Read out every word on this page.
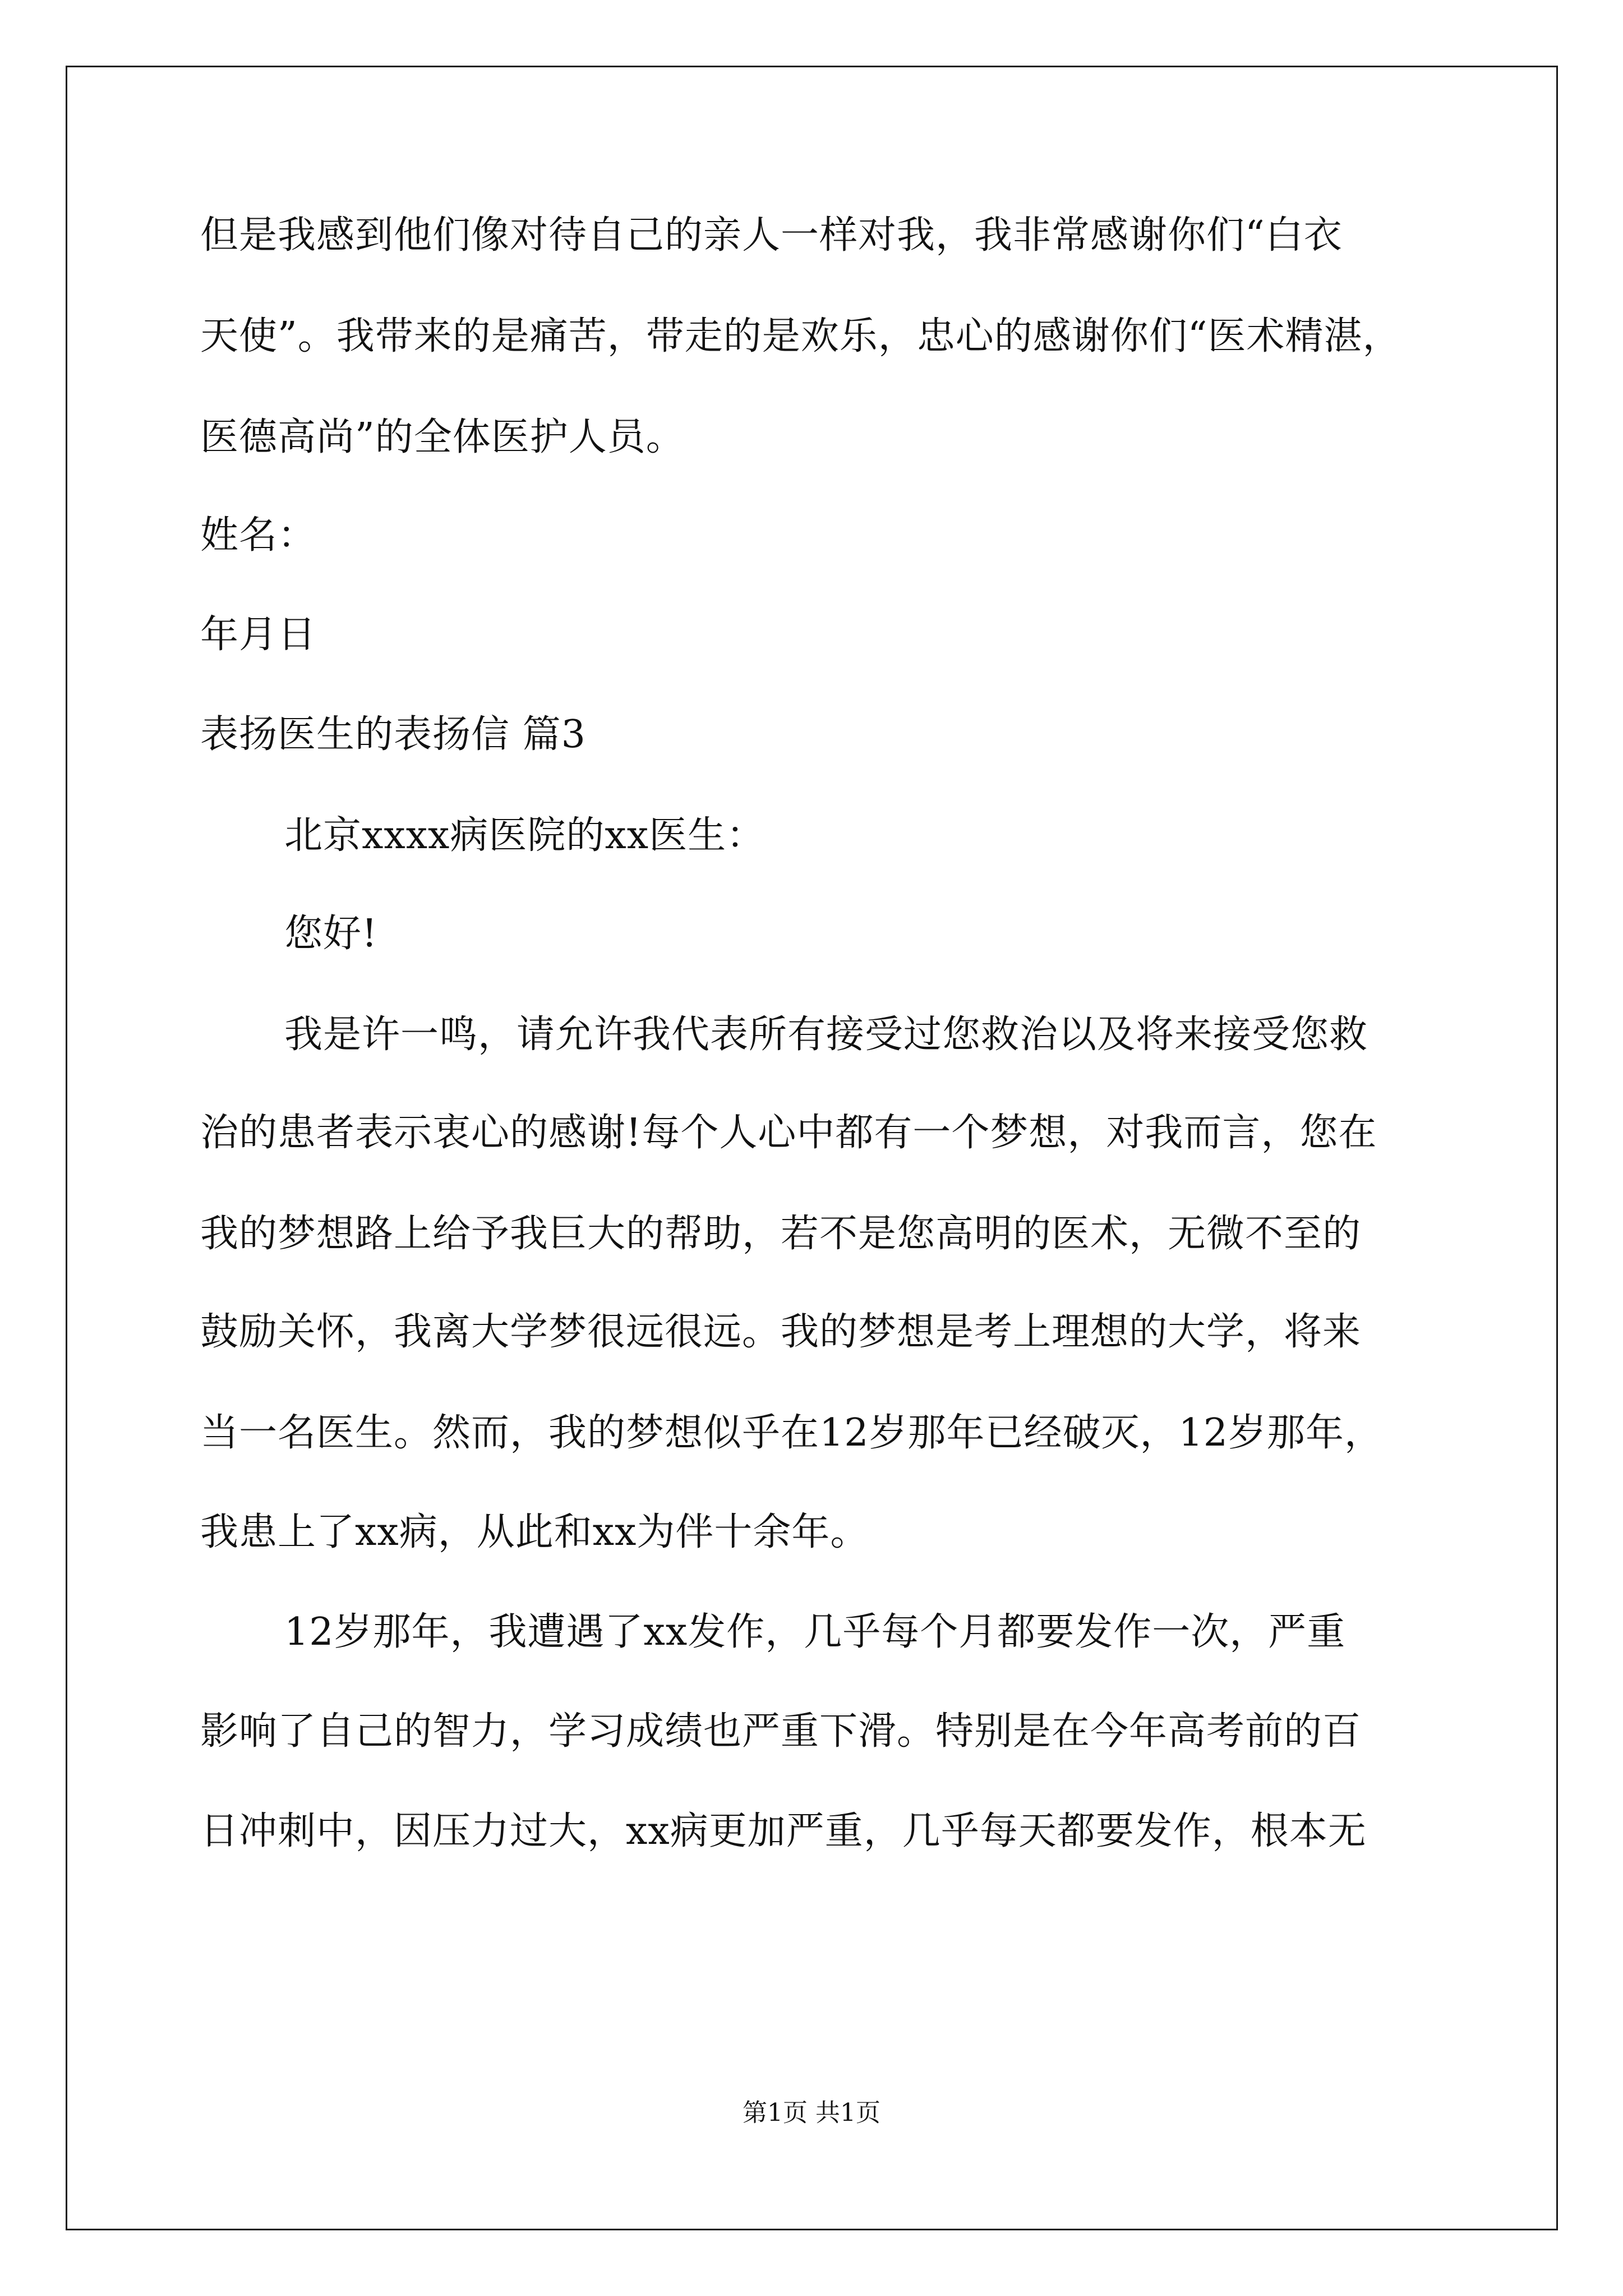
但是我感到他们像对待自己的亲人一样对我，我非常感谢你们“白衣
天使”。我带来的是痛苦，带走的是欢乐，忠心的感谢你们“医术精湛，
医德高尚”的全体医护人员。
姓名：
年月日
表扬医生的表扬信 篇3
北京xxxx病医院的xx医生：
您好!
我是许一鸣，请允许我代表所有接受过您救治以及将来接受您救
治的患者表示衷心的感谢!每个人心中都有一个梦想，对我而言，您在
我的梦想路上给予我巨大的帮助，若不是您高明的医术，无微不至的
鼓励关怀，我离大学梦很远很远。我的梦想是考上理想的大学，将来
当一名医生。然而，我的梦想似乎在12岁那年已经破灭，12岁那年，
我患上了xx病，从此和xx为伴十余年。
12岁那年，我遭遇了xx发作，几乎每个月都要发作一次，严重
影响了自己的智力，学习成绩也严重下滑。特别是在今年高考前的百
日冲刺中，因压力过大，xx病更加严重，几乎每天都要发作，根本无
第1页 共1页
